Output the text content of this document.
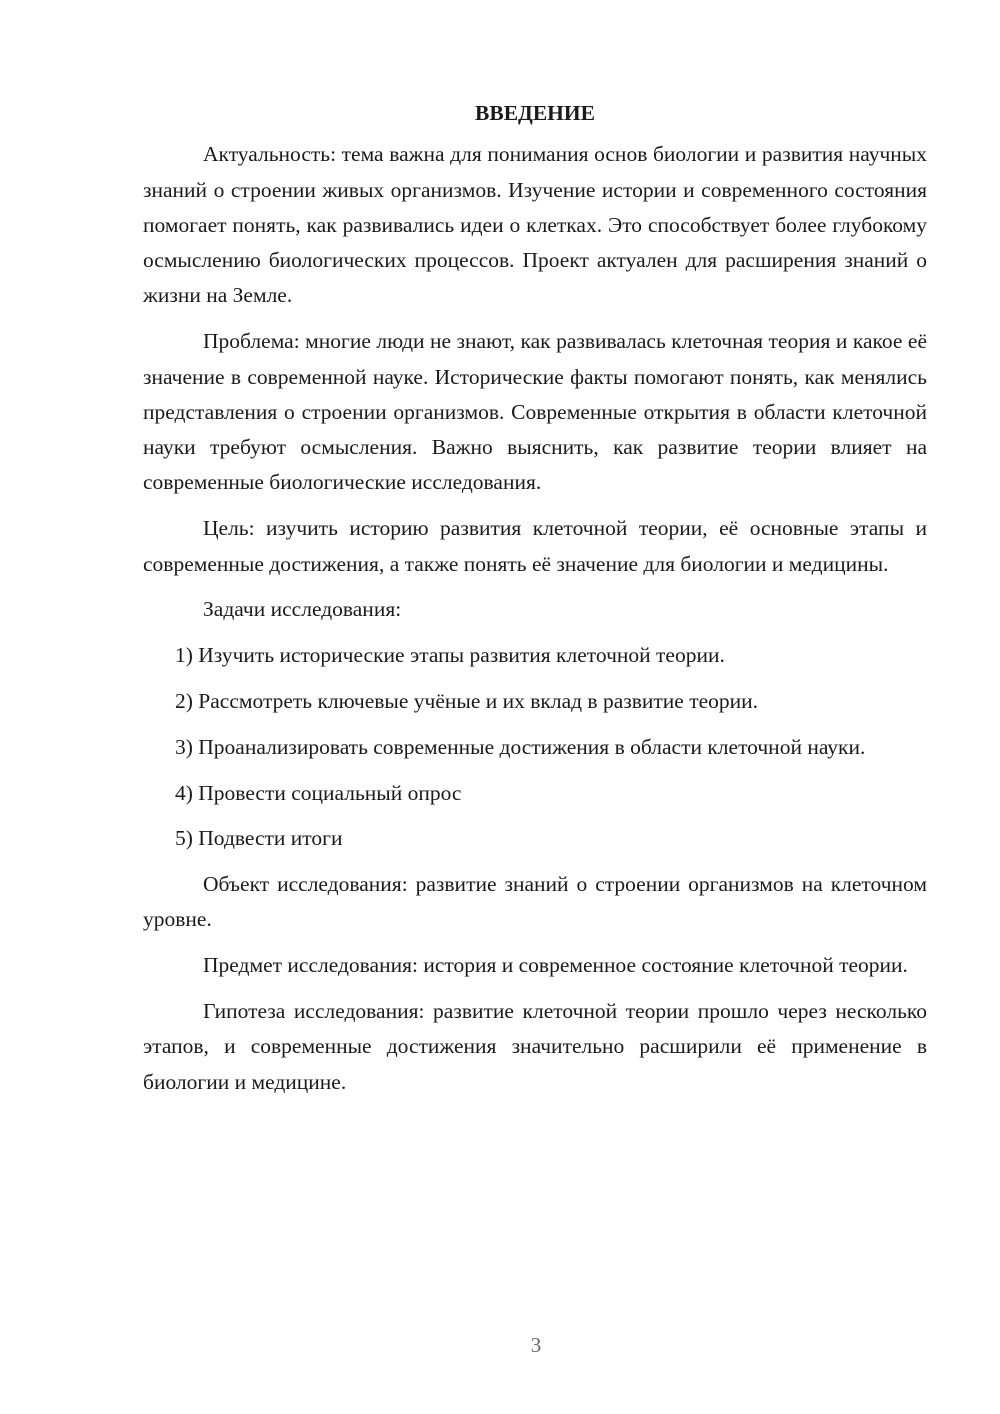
ВВЕДЕНИЕ
Актуальность: тема важна для понимания основ биологии и развития научных знаний о строении живых организмов. Изучение истории и современного состояния помогает понять, как развивались идеи о клетках. Это способствует более глубокому осмыслению биологических процессов. Проект актуален для расширения знаний о жизни на Земле.
Проблема: многие люди не знают, как развивалась клеточная теория и какое её значение в современной науке. Исторические факты помогают понять, как менялись представления о строении организмов. Современные открытия в области клеточной науки требуют осмысления. Важно выяснить, как развитие теории влияет на современные биологические исследования.
Цель: изучить историю развития клеточной теории, её основные этапы и современные достижения, а также понять её значение для биологии и медицины.
Задачи исследования:
1) Изучить исторические этапы развития клеточной теории.
2) Рассмотреть ключевые учёные и их вклад в развитие теории.
3) Проанализировать современные достижения в области клеточной науки.
4) Провести социальный опрос
5) Подвести итоги
Объект исследования: развитие знаний о строении организмов на клеточном уровне.
Предмет исследования: история и современное состояние клеточной теории.
Гипотеза исследования: развитие клеточной теории прошло через несколько этапов, и современные достижения значительно расширили её применение в биологии и медицине.
3
